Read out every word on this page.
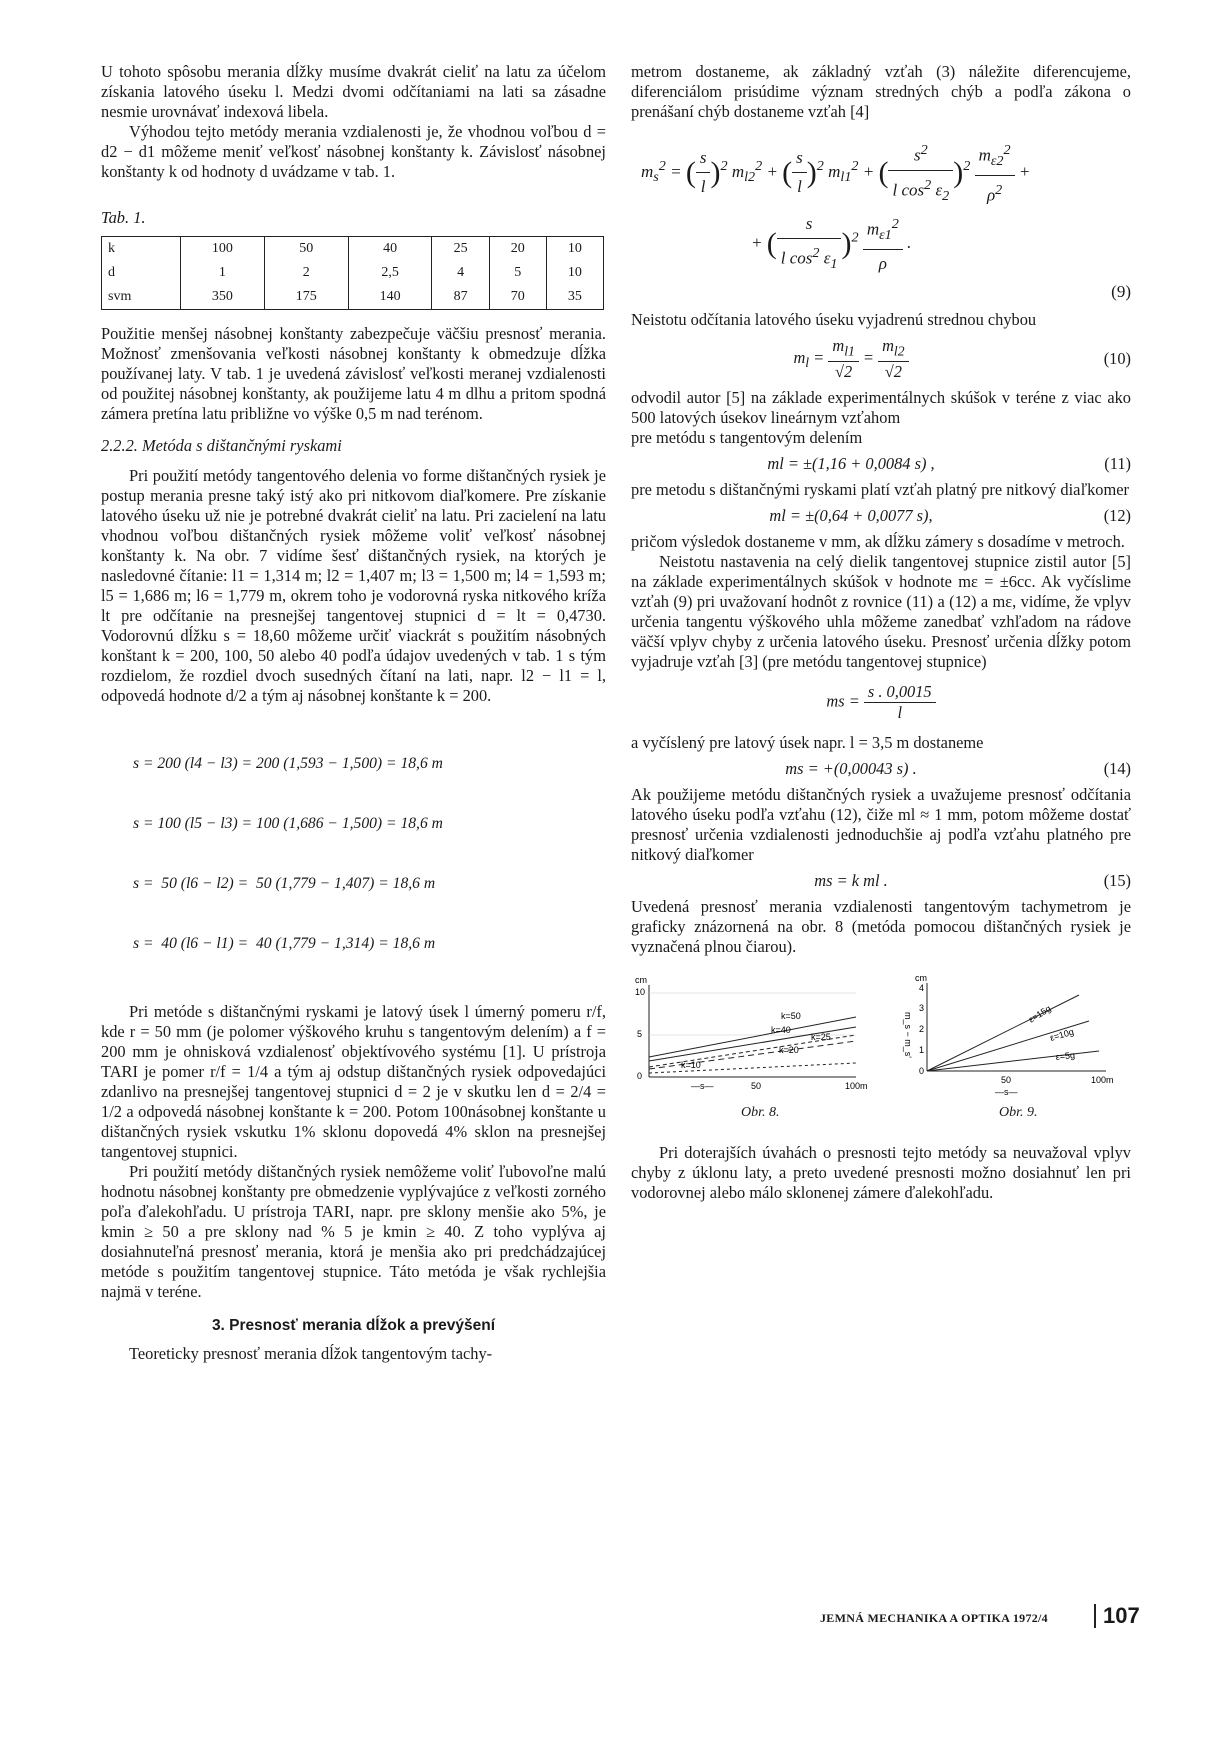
U tohoto spôsobu merania dĺžky musíme dvakrát cieliť na latu za účelom získania latového úseku l. Medzi dvomi odčítaniami na lati sa zásadne nesmie urovnávať indexová libela.

Výhodou tejto metódy merania vzdialenosti je, že vhodnou voľbou d = d2 − d1 môžeme meniť veľkosť násobnej konštanty k. Závislosť násobnej konštanty k od hodnoty d uvádzame v tab. 1.

Tab. 1.

k	100	50	40	25	20	10
d	1	2	2,5	4	5	10
svm	350	175	140	87	70	35

Použitie menšej násobnej konštanty zabezpečuje väčšiu presnosť merania. Možnosť zmenšovania veľkosti násobnej konštanty k obmedzuje dĺžka používanej laty. V tab. 1 je uvedená závislosť veľkosti meranej vzdialenosti od použitej násobnej konštanty, ak použijeme latu 4 m dlhu a pritom spodná zámera pretína latu približne vo výške 0,5 m nad terénom.

2.2.2. Metóda s dištančnými ryskami

Pri použití metódy tangentového delenia vo forme dištančných rysiek je postup merania presne taký istý ako pri nitkovom diaľkomere. Pre získanie latového úseku už nie je potrebné dvakrát cieliť na latu. Pri zacielení na latu vhodnou voľbou dištančných rysiek môžeme voliť veľkosť násobnej konštanty k. Na obr. 7 vidíme šesť dištančných rysiek, na ktorých je nasledovné čítanie: l1 = 1,314 m; l2 = 1,407 m; l3 = 1,500 m; l4 = 1,593 m; l5 = 1,686 m; l6 = 1,779 m, okrem toho je vodorovná ryska nitkového kríža lt pre odčítanie na presnejšej tangentovej stupnici d = lt = 0,4730. Vodorovnú dĺžku s = 18,60 môžeme určiť viackrát s použitím násobných konštant k = 200, 100, 50 alebo 40 podľa údajov uvedených v tab. 1 s tým rozdielom, že rozdiel dvoch susedných čítaní na lati, napr. l2 − l1 = l, odpovedá hodnote d/2 a tým aj násobnej konštante k = 200.

s = 200 (l4 − l3) = 200 (1,593 − 1,500) = 18,6 m

s = 100 (l5 − l3) = 100 (1,686 − 1,500) = 18,6 m

s =  50 (l6 − l2) =  50 (1,779 − 1,407) = 18,6 m

s =  40 (l6 − l1) =  40 (1,779 − 1,314) = 18,6 m

Pri metóde s dištančnými ryskami je latový úsek l úmerný pomeru r/f, kde r = 50 mm (je polomer výškového kruhu s tangentovým delením) a f = 200 mm je ohnisková vzdialenosť objektívového systému [1]. U prístroja TARI je pomer r/f = 1/4 a tým aj odstup dištančných rysiek odpovedajúci zdanlivo na presnejšej tangentovej stupnici d = 2 je v skutku len d = 2/4 = 1/2 a odpovedá násobnej konštante k = 200. Potom 100násobnej konštante u dištančných rysiek vskutku 1% sklonu dopovedá 4% sklon na presnejšej tangentovej stupnici.

Pri použití metódy dištančných rysiek nemôžeme voliť ľubovoľne malú hodnotu násobnej konštanty pre obmedzenie vyplývajúce z veľkosti zorného poľa ďalekohľadu. U prístroja TARI, napr. pre sklony menšie ako 5%, je kmin ≥ 50 a pre sklony nad % 5 je kmin ≥ 40. Z toho vyplýva aj dosiahnuteľná presnosť merania, ktorá je menšia ako pri predchádzajúcej metóde s použitím tangentovej stupnice. Táto metóda je však rychlejšia najmä v teréne.

3. Presnosť merania dĺžok a prevýšení

Teoreticky presnosť merania dĺžok tangentovým tachy-

metrom dostaneme, ak základný vzťah (3) náležite diferencujeme, diferenciálom prisúdime význam stredných chýb a podľa zákona o prenášaní chýb dostaneme vzťah [4]

$m_s^2$ = ( $\frac{s}{l} )^2$ $m_{l2}^2$ + ( $\frac{s}{l} )^2$ $m_{l1}^2$ + ( $\frac{s^2}{l \cos^2 \varepsilon_2} )^2 \frac{m_{\varepsilon 2}^2}{\rho^2}$ +
+ ( $\frac{s}{l \cos^2 \varepsilon_1} )^2 \frac{m_{\varepsilon 1}^2}{\rho}$ .
(9)

Neistotu odčítania latového úseku vyjadrenú strednou chybou

$m_l = \frac{m_{l1}}{√2} = \frac{m_{l2}}{√2}$	(10)

odvodil autor [5] na základe experimentálnych skúšok v teréne z viac ako 500 latových úsekov lineárnym vzťahom

pre metódu s tangentovým delením

ml = ±(1,16 + 0,0084 s) ,	(11)

pre metodu s dištančnými ryskami platí vzťah platný pre nitkový diaľkomer

ml = ±(0,64 + 0,0077 s),	(12)

pričom výsledok dostaneme v mm, ak dĺžku zámery s dosadíme v metroch.

Neistotu nastavenia na celý dielik tangentovej stupnice zistil autor [5] na základe experimentálnych skúšok v hodnote mε = ±6cc. Ak vyčíslime vzťah (9) pri uvažovaní hodnôt z rovnice (11) a (12) a mε, vidíme, že vplyv určenia tangentu výškového uhla môžeme zanedbať vzhľadom na rádove väčší vplyv chyby z určenia latového úseku. Presnosť určenia dĺžky potom vyjadruje vzťah [3] (pre metódu tangentovej stupnice)

ms = $\frac{s . 0,0015}{l}$

a vyčíslený pre latový úsek napr. l = 3,5 m dostaneme

ms = +(0,00043 s) .	(14)

Ak použijeme metódu dištančných rysiek a uvažujeme presnosť odčítania latového úseku podľa vzťahu (12), čiže ml ≈ 1 mm, potom môžeme dostať presnosť určenia vzdialenosti jednoduchšie aj podľa vzťahu platného pre nitkový diaľkomer

ms = k ml .	(15)

Uvedená presnosť merania vzdialenosti tangentovým tachymetrom je graficky znázornená na obr. 8 (metóda pomocou dištančných rysiek je vyznačená plnou čiarou).

cm
10
5
0
k=50
k=40
k=25
k=20
k=10
—s—	50	100m
cm
m_s − m_s'
4
3
2
1
0
ε=15g
ε=10g
ε=5g
50
—s—
100m
Obr. 8.	Obr. 9.

Pri doterajších úvahách o presnosti tejto metódy sa neuvažoval vplyv chyby z úklonu laty, a preto uvedené presnosti možno dosiahnuť len pri vodorovnej alebo málo sklonenej zámere ďalekohľadu.

JEMNÁ MECHANIKA A OPTIKA 1972/4	107
